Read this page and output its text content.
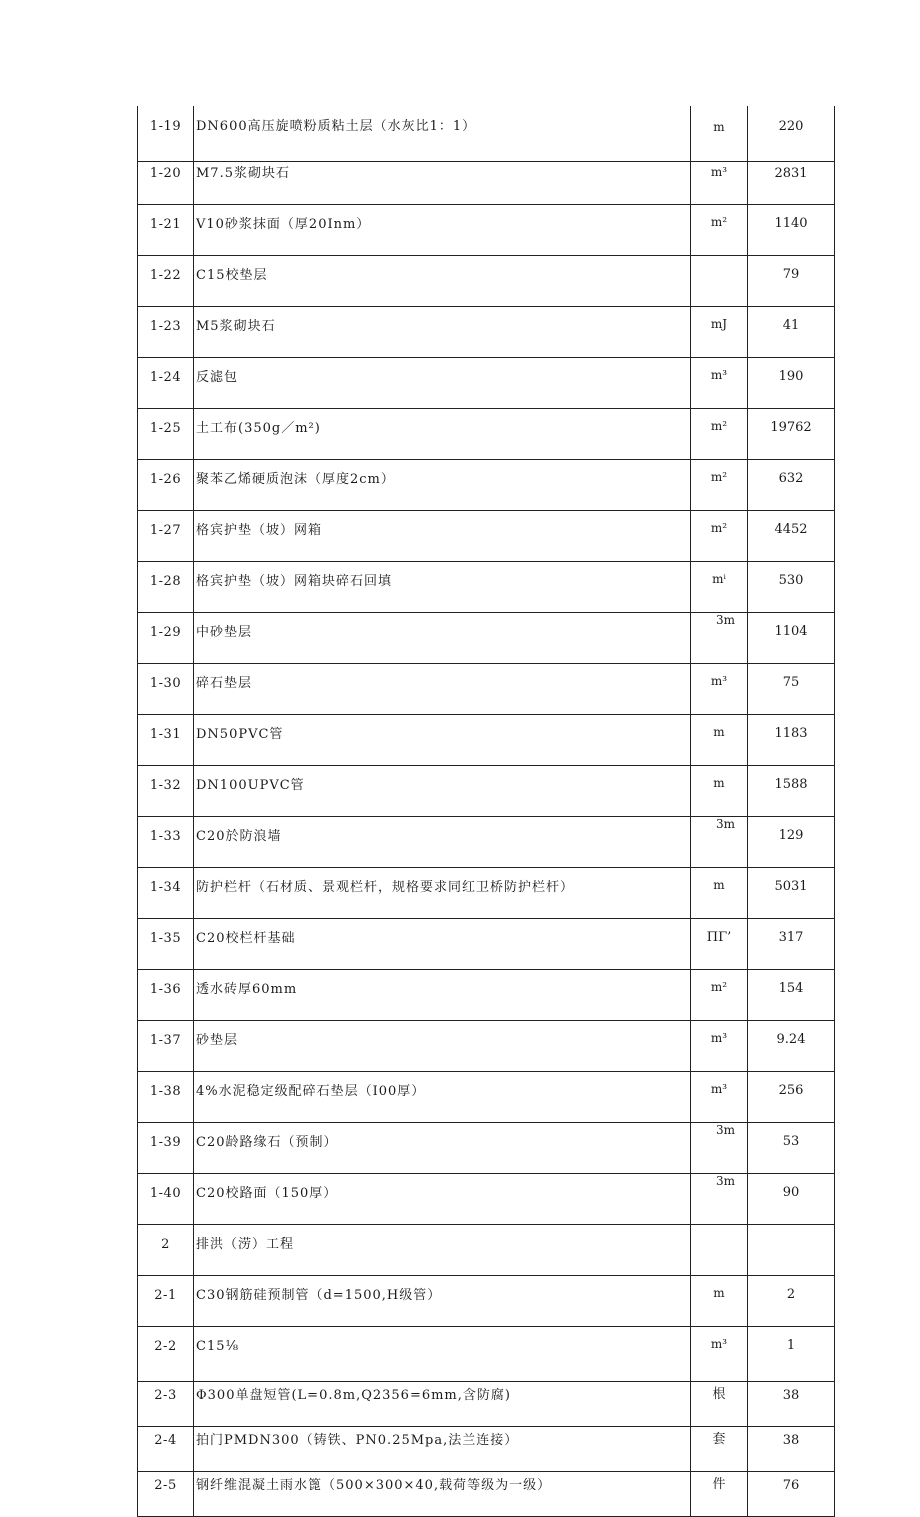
1-19	DN600高压旋喷粉质粘土层（水灰比1：1）	m	220
1-20	M7.5浆砌块石	m³	2831
1-21	V10砂浆抹面（厚20Inm）	m²	1140
1-22	C15校垫层		79
1-23	M5浆砌块石	mJ	41
1-24	反滤包	m³	190
1-25	土工布(350g／m²)	m²	19762
1-26	聚苯乙烯硬质泡沫（厚度2cm）	m²	632
1-27	格宾护垫（坡）网箱	m²	4452
1-28	格宾护垫（坡）网箱块碎石回填	mⁱ	530
1-29	中砂垫层	3m	1104
1-30	碎石垫层	m³	75
1-31	DN50PVC管	m	1183
1-32	DN100UPVC管	m	1588
1-33	C20於防浪墙	3m	129
1-34	防护栏杆（石材质、景观栏杆，规格要求同红卫桥防护栏杆）	m	5031
1-35	C20校栏杆基础	ΠΓ’	317
1-36	透水砖厚60mm	m²	154
1-37	砂垫层	m³	9.24
1-38	4%水泥稳定级配碎石垫层（I00厚）	m³	256
1-39	C20龄路缘石（预制）	3m	53
1-40	C20校路面（150厚）	3m	90
2	排洪（涝）工程		
2-1	C30钢筋硅预制管（d=1500,H级管）	m	2
2-2	C15⅛	m³	1
2-3	Φ300单盘短管(L=0.8m,Q2356=6mm,含防腐)	根	38
2-4	拍门PMDN300（铸铁、PN0.25Mpa,法兰连接）	套	38
2-5	钢纤维混凝土雨水篦（500×300×40,载荷等级为一级）	件	76
